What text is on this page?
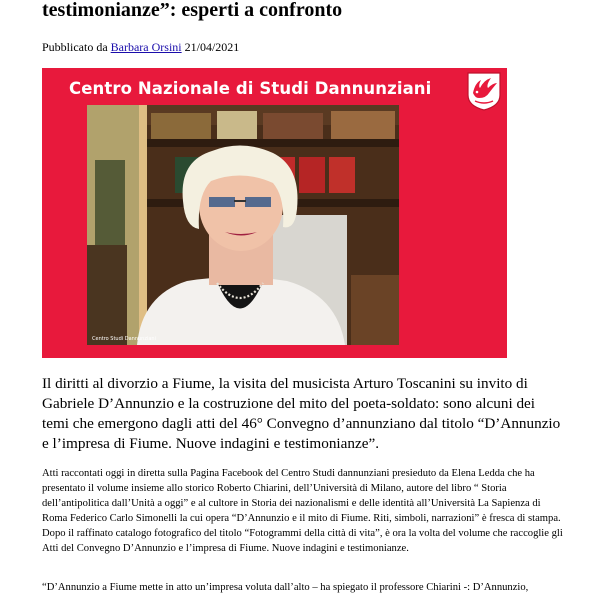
testimonianze”: esperti a confronto
Pubblicato da Barbara Orsini 21/04/2021
Centro Nazionale di Studi Dannunziani
Centro Studi Dannunziani

Il diritti al divorzio a Fiume, la visita del musicista Arturo Toscanini su invito di Gabriele D’Annunzio e la costruzione del mito del poeta-soldato: sono alcuni dei temi che emergono dagli atti del 46° Convegno d’annunziano dal titolo “D’Annunzio e l’impresa di Fiume. Nuove indagini e testimonianze”.

Atti raccontati oggi in diretta sulla Pagina Facebook del Centro Studi dannunziani presieduto da Elena Ledda che ha presentato il volume insieme allo storico Roberto Chiarini, dell’Università di Milano, autore del libro “ Storia dell’antipolitica dall’Unità a oggi” e al cultore in Storia dei nazionalismi e delle identità all’Università La Sapienza di Roma Federico Carlo Simonelli la cui opera “D’Annunzio e il mito di Fiume. Riti, simboli, narrazioni” è fresca di stampa. Dopo il raffinato catalogo fotografico del titolo “Fotogrammi della città di vita”, è ora la volta del volume che raccoglie gli Atti del Convegno D’Annunzio e l’impresa di Fiume. Nuove indagini e testimonianze.

“D’Annunzio a Fiume mette in atto un’impresa voluta dall’alto – ha spiegato il professore Chiarini -: D’Annunzio,
